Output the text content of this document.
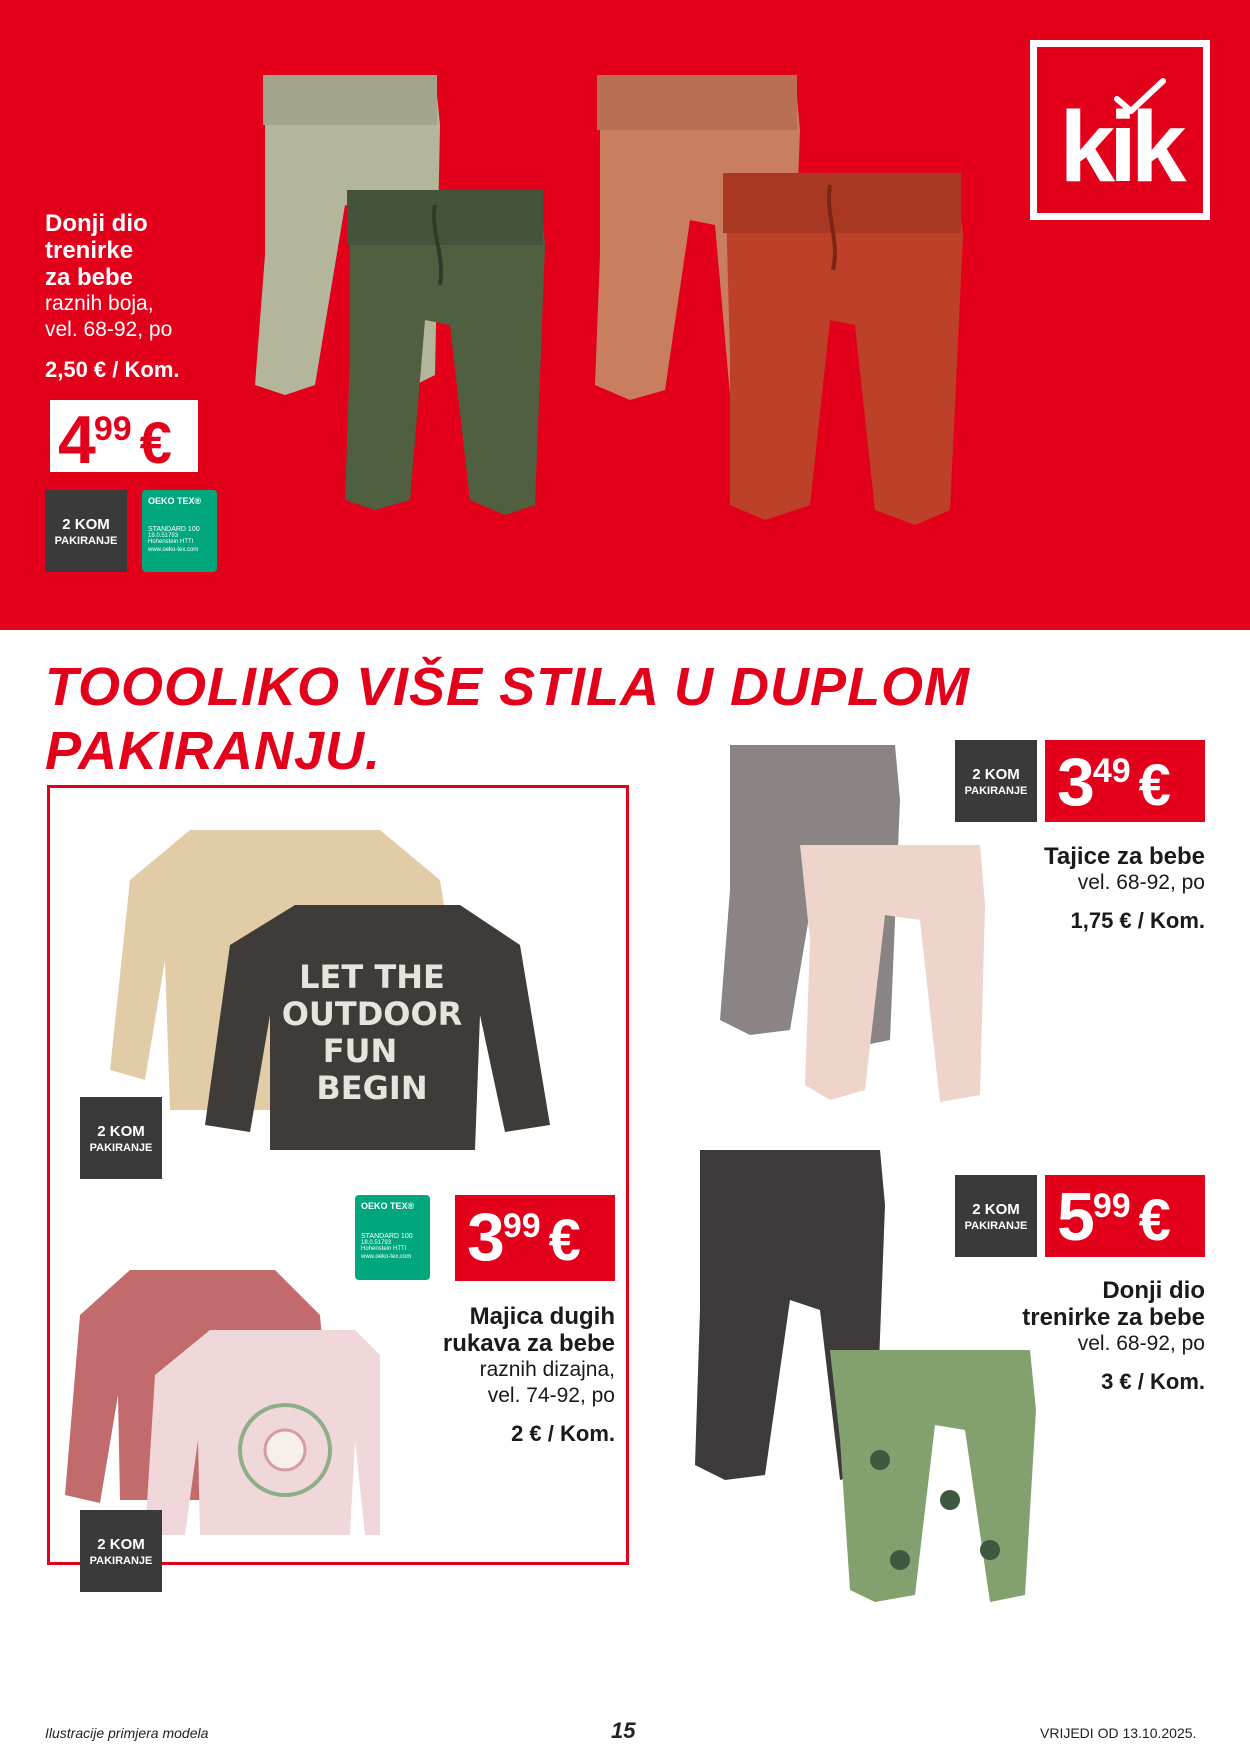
kik
Donji dio
trenirke
za bebe
raznih boja,
vel. 68-92, po
2,50 € / Kom.
499 €
2 KOM
PAKIRANJE
OEKO TEX®
STANDARD 100
18.0.51793
Hohenstein HTTI
www.oeko-tex.com
TOOOLIKO VIŠE STILA U DUPLOM
PAKIRANJU.	2 KOM
PAKIRANJE 349 €
Tajice za bebe
vel. 68-92, po
1,75 € / Kom.
LET THE
OUTDOOR
FUN
BEGIN
2 KOM
PAKIRANJE
OEKO TEX®
STANDARD 100
18.0.51793
Hohenstein HTTI
www.oeko-tex.com 399 €
Majica dugih
rukava za bebe
raznih dizajna,
vel. 74-92, po
2 € / Kom.
2 KOM
PAKIRANJE
2 KOM
PAKIRANJE 599 €
Donji dio
trenirke za bebe
vel. 68-92, po
3 € / Kom.
Ilustracije primjera modela	15	VRIJEDI OD 13.10.2025.
